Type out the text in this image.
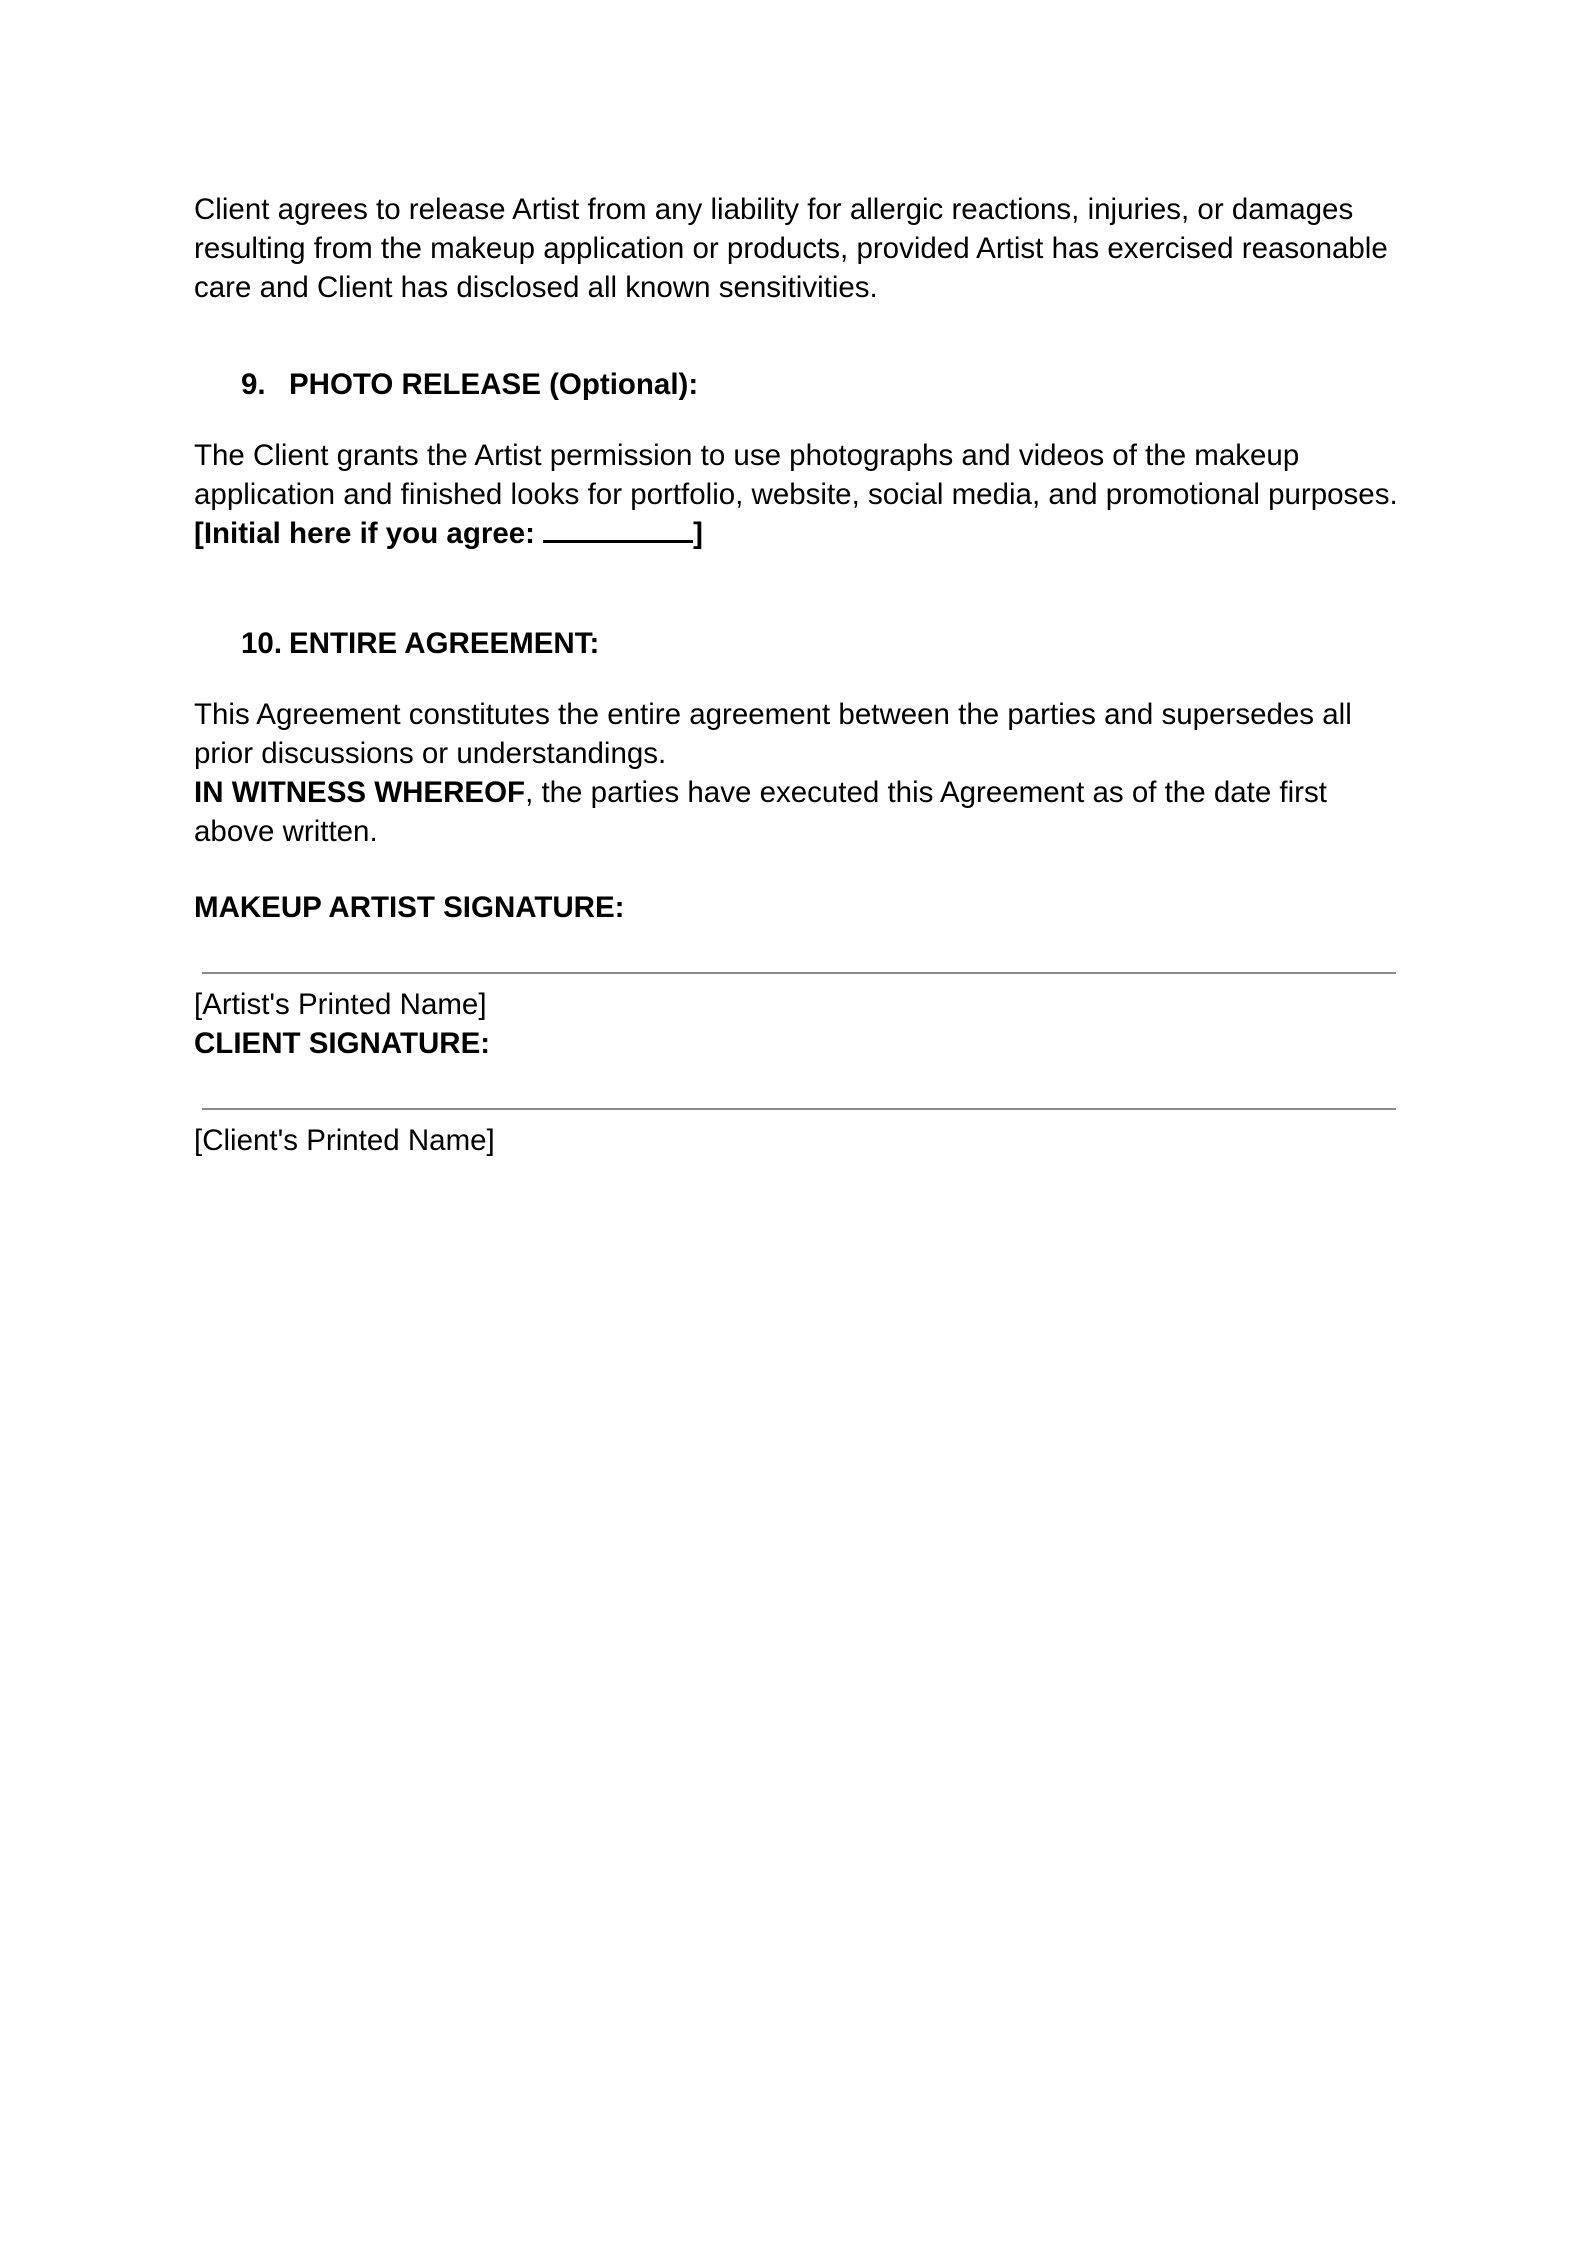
Client agrees to release Artist from any liability for allergic reactions, injuries, or damages resulting from the makeup application or products, provided Artist has exercised reasonable care and Client has disclosed all known sensitivities.

9. PHOTO RELEASE (Optional):

The Client grants the Artist permission to use photographs and videos of the makeup application and finished looks for portfolio, website, social media, and promotional purposes.

[Initial here if you agree:	]

10. ENTIRE AGREEMENT:

This Agreement constitutes the entire agreement between the parties and supersedes all prior discussions or understandings.

IN WITNESS WHEREOF, the parties have executed this Agreement as of the date first above written.

MAKEUP ARTIST SIGNATURE:

[Artist's Printed Name]

CLIENT SIGNATURE:

[Client's Printed Name]
